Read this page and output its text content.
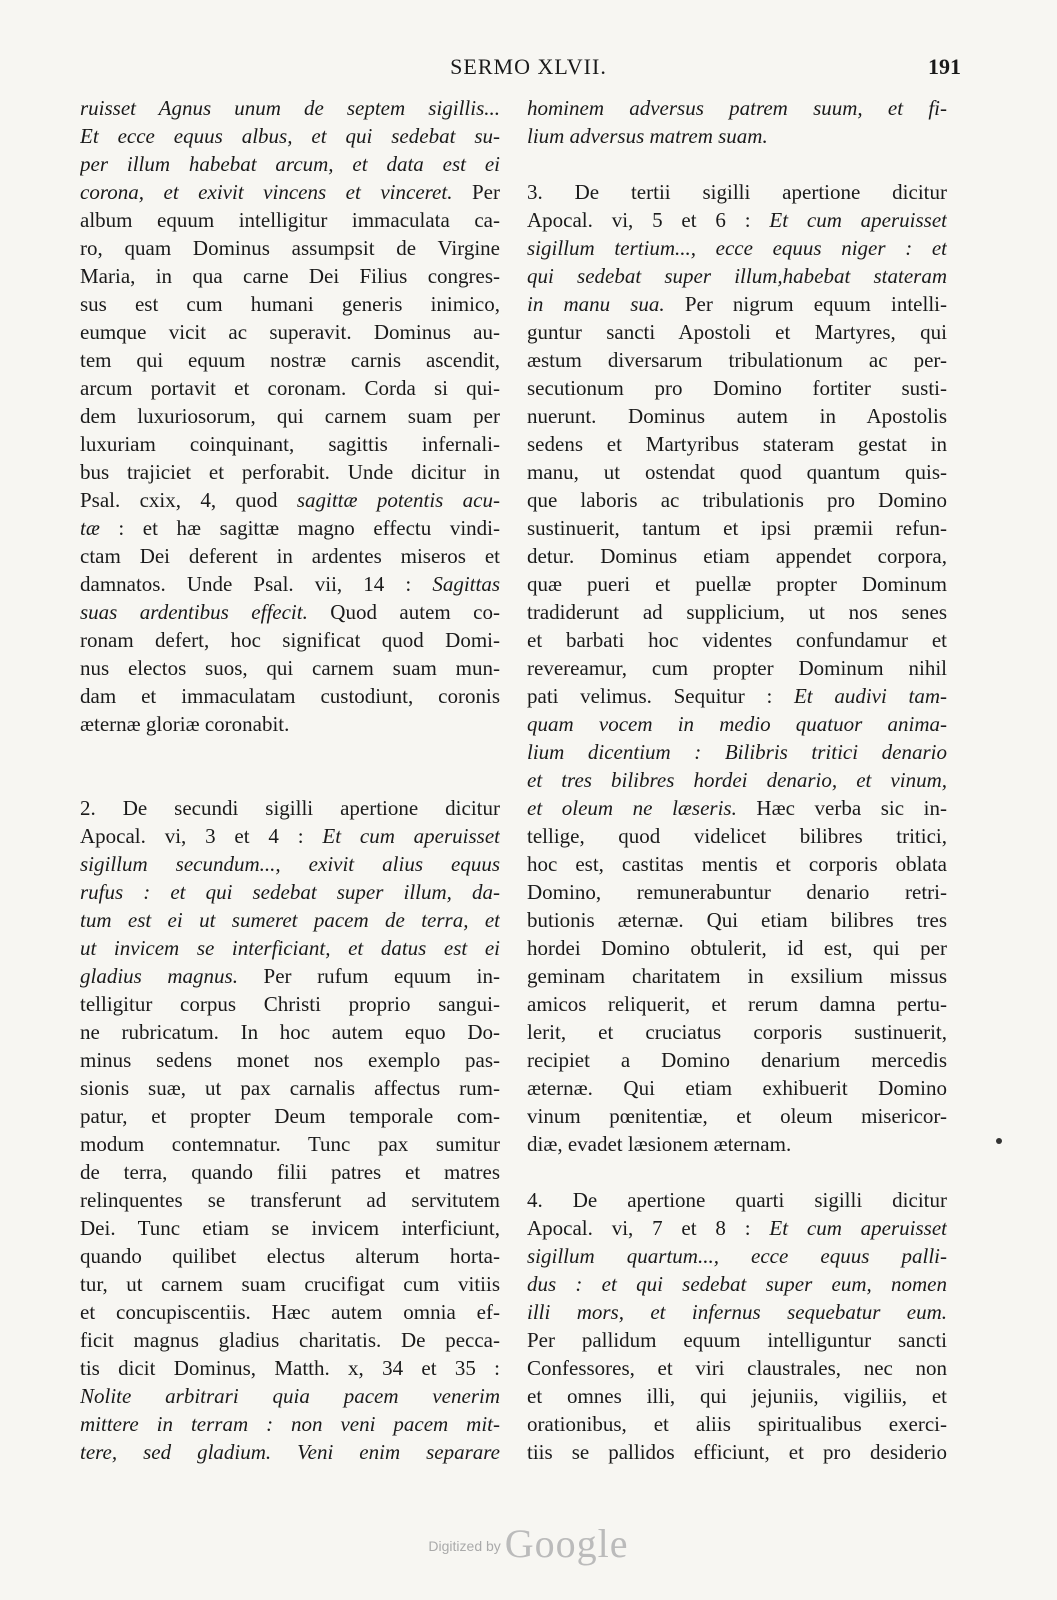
SERMO XLVII.	191
ruisset Agnus unum de septem sigillis...
Et ecce equus albus, et qui sedebat su-
per illum habebat arcum, et data est ei
corona, et exivit vincens et vinceret. Per
album equum intelligitur immaculata ca-
ro, quam Dominus assumpsit de Virgine
Maria, in qua carne Dei Filius congres-
sus est cum humani generis inimico,
eumque vicit ac superavit. Dominus au-
tem qui equum nostræ carnis ascendit,
arcum portavit et coronam. Corda si qui-
dem luxuriosorum, qui carnem suam per
luxuriam coinquinant, sagittis infernali-
bus trajiciet et perforabit. Unde dicitur in
Psal. cxix, 4, quod sagittæ potentis acu-
tæ : et hæ sagittæ magno effectu vindi-
ctam Dei deferent in ardentes miseros et
damnatos. Unde Psal. vii, 14 : Sagittas
suas ardentibus effecit. Quod autem co-
ronam defert, hoc significat quod Domi-
nus electos suos, qui carnem suam mun-
dam et immaculatam custodiunt, coronis
æternæ gloriæ coronabit.
2. De secundi sigilli apertione dicitur
Apocal. vi, 3 et 4 : Et cum aperuisset
sigillum secundum..., exivit alius equus
rufus : et qui sedebat super illum, da-
tum est ei ut sumeret pacem de terra, et
ut invicem se interficiant, et datus est ei
gladius magnus. Per rufum equum in-
telligitur corpus Christi proprio sangui-
ne rubricatum. In hoc autem equo Do-
minus sedens monet nos exemplo pas-
sionis suæ, ut pax carnalis affectus rum-
patur, et propter Deum temporale com-
modum contemnatur. Tunc pax sumitur
de terra, quando filii patres et matres
relinquentes se transferunt ad servitutem
Dei. Tunc etiam se invicem interficiunt,
quando quilibet electus alterum horta-
tur, ut carnem suam crucifigat cum vitiis
et concupiscentiis. Hæc autem omnia ef-
ficit magnus gladius charitatis. De pecca-
tis dicit Dominus, Matth. x, 34 et 35 :
Nolite arbitrari quia pacem venerim
mittere in terram : non veni pacem mit-
tere, sed gladium. Veni enim separare
hominem adversus patrem suum, et fi-
lium adversus matrem suam.
3. De tertii sigilli apertione dicitur
Apocal. vi, 5 et 6 : Et cum aperuisset
sigillum tertium..., ecce equus niger : et
qui sedebat super illum,habebat stateram
in manu sua. Per nigrum equum intelli-
guntur sancti Apostoli et Martyres, qui
æstum diversarum tribulationum ac per-
secutionum pro Domino fortiter susti-
nuerunt. Dominus autem in Apostolis
sedens et Martyribus stateram gestat in
manu, ut ostendat quod quantum quis-
que laboris ac tribulationis pro Domino
sustinuerit, tantum et ipsi præmii refun-
detur. Dominus etiam appendet corpora,
quæ pueri et puellæ propter Dominum
tradiderunt ad supplicium, ut nos senes
et barbati hoc videntes confundamur et
revereamur, cum propter Dominum nihil
pati velimus. Sequitur : Et audivi tam-
quam vocem in medio quatuor anima-
lium dicentium : Bilibris tritici denario
et tres bilibres hordei denario, et vinum,
et oleum ne læseris. Hæc verba sic in-
tellige, quod videlicet bilibres tritici,
hoc est, castitas mentis et corporis oblata
Domino, remunerabuntur denario retri-
butionis æternæ. Qui etiam bilibres tres
hordei Domino obtulerit, id est, qui per
geminam charitatem in exsilium missus
amicos reliquerit, et rerum damna pertu-
lerit, et cruciatus corporis sustinuerit,
recipiet a Domino denarium mercedis
æternæ. Qui etiam exhibuerit Domino
vinum pœnitentiæ, et oleum misericor-
diæ, evadet læsionem æternam.
4. De apertione quarti sigilli dicitur
Apocal. vi, 7 et 8 : Et cum aperuisset
sigillum quartum..., ecce equus palli-
dus : et qui sedebat super eum, nomen
illi mors, et infernus sequebatur eum.
Per pallidum equum intelliguntur sancti
Confessores, et viri claustrales, nec non
et omnes illi, qui jejuniis, vigiliis, et
orationibus, et aliis spiritualibus exerci-
tiis se pallidos efficiunt, et pro desiderio
Digitized by Google
